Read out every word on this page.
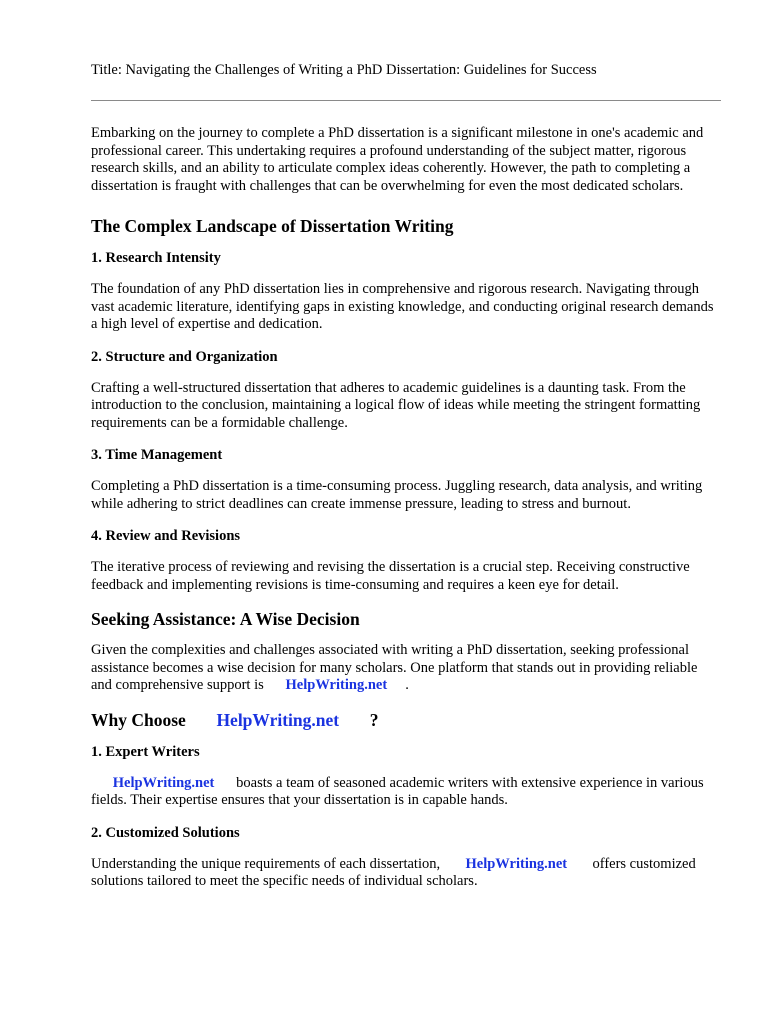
Title: Navigating the Challenges of Writing a PhD Dissertation: Guidelines for Success

Embarking on the journey to complete a PhD dissertation is a significant milestone in one's academic and professional career. This undertaking requires a profound understanding of the subject matter, rigorous research skills, and an ability to articulate complex ideas coherently. However, the path to completing a dissertation is fraught with challenges that can be overwhelming for even the most dedicated scholars.

The Complex Landscape of Dissertation Writing
1. Research Intensity

The foundation of any PhD dissertation lies in comprehensive and rigorous research. Navigating through vast academic literature, identifying gaps in existing knowledge, and conducting original research demands a high level of expertise and dedication.

2. Structure and Organization

Crafting a well-structured dissertation that adheres to academic guidelines is a daunting task. From the introduction to the conclusion, maintaining a logical flow of ideas while meeting the stringent formatting requirements can be a formidable challenge.

3. Time Management

Completing a PhD dissertation is a time-consuming process. Juggling research, data analysis, and writing while adhering to strict deadlines can create immense pressure, leading to stress and burnout.

4. Review and Revisions

The iterative process of reviewing and revising the dissertation is a crucial step. Receiving constructive feedback and implementing revisions is time-consuming and requires a keen eye for detail.

Seeking Assistance: A Wise Decision

Given the complexities and challenges associated with writing a PhD dissertation, seeking professional assistance becomes a wise decision for many scholars. One platform that stands out in providing reliable and comprehensive support is HelpWriting.net .

Why Choose HelpWriting.net ?
1. Expert Writers

HelpWriting.net boasts a team of seasoned academic writers with extensive experience in various fields. Their expertise ensures that your dissertation is in capable hands.

2. Customized Solutions

Understanding the unique requirements of each dissertation, HelpWriting.net offers customized solutions tailored to meet the specific needs of individual scholars.
